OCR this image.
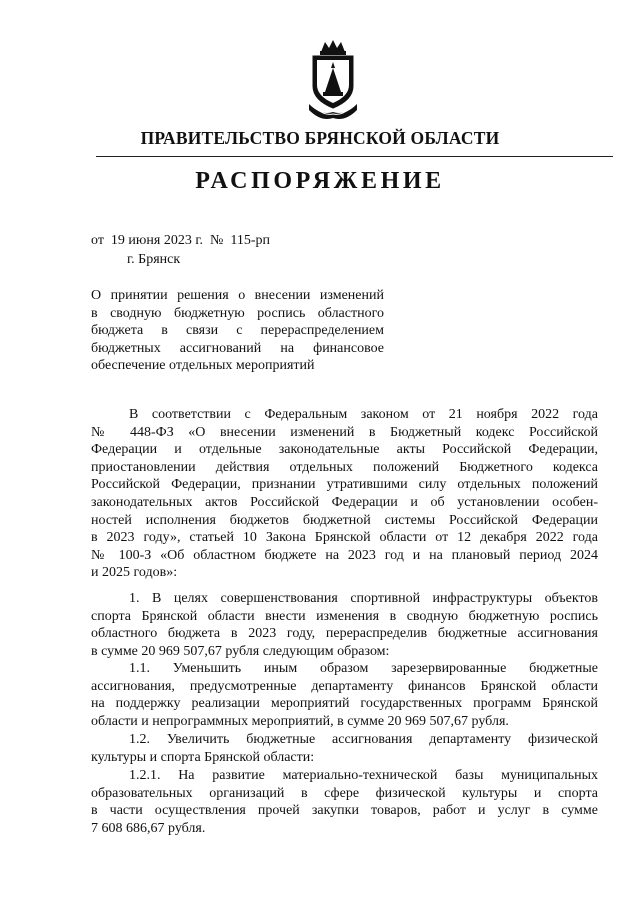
ПРАВИТЕЛЬСТВО БРЯНСКОЙ ОБЛАСТИ
РАСПОРЯЖЕНИЕ
от  19 июня 2023 г.  №  115-рп
г. Брянск
О принятии решения о внесении изменений
в сводную бюджетную роспись областного
бюджета в связи с перераспределением
бюджетных ассигнований на финансовое
обеспечение отдельных мероприятий
В соответствии с Федеральным законом от 21 ноября 2022 года
№ 448-ФЗ «О внесении изменений в Бюджетный кодекс Российской
Федерации и отдельные законодательные акты Российской Федерации,
приостановлении действия отдельных положений Бюджетного кодекса
Российской Федерации, признании утратившими силу отдельных положений
законодательных актов Российской Федерации и об установлении особен-
ностей исполнения бюджетов бюджетной системы Российской Федерации
в 2023 году», статьей 10 Закона Брянской области от 12 декабря 2022 года
№ 100-З «Об областном бюджете на 2023 год и на плановый период 2024
и 2025 годов»:
1. В целях совершенствования спортивной инфраструктуры объектов
спорта Брянской области внести изменения в сводную бюджетную роспись
областного бюджета в 2023 году, перераспределив бюджетные ассигнования
в сумме 20 969 507,67 рубля следующим образом:
1.1. Уменьшить иным образом зарезервированные бюджетные
ассигнования, предусмотренные департаменту финансов Брянской области
на поддержку реализации мероприятий государственных программ Брянской
области и непрограммных мероприятий, в сумме 20 969 507,67 рубля.
1.2. Увеличить бюджетные ассигнования департаменту физической
культуры и спорта Брянской области:
1.2.1. На развитие материально-технической базы муниципальных
образовательных организаций в сфере физической культуры и спорта
в части осуществления прочей закупки товаров, работ и услуг в сумме
7 608 686,67 рубля.
